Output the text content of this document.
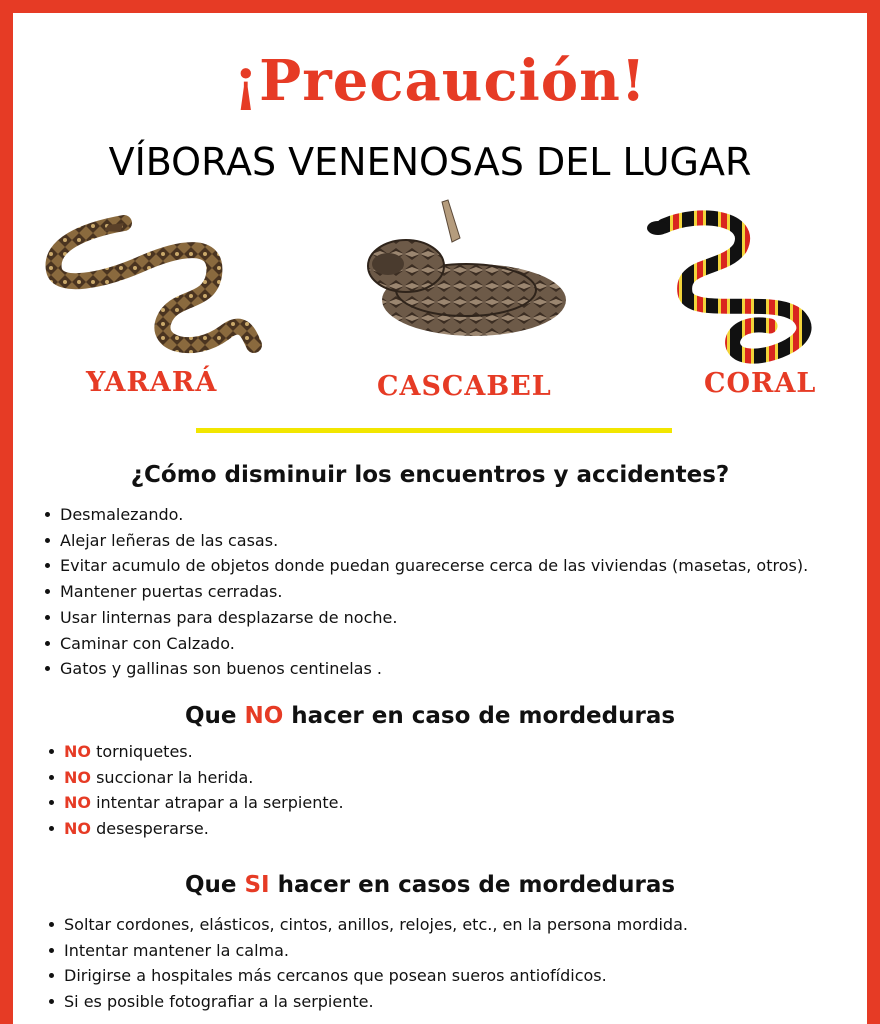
¡Precaución!
VÍBORAS VENENOSAS DEL LUGAR
YARARÁ	CASCABEL	CORAL
¿Cómo disminuir los encuentros y accidentes?
Desmalezando.
Alejar leñeras de las casas.
Evitar acumulo de objetos donde puedan guarecerse cerca de las viviendas (masetas, otros).
Mantener puertas cerradas.
Usar linternas para desplazarse de noche.
Caminar con Calzado.
Gatos y gallinas son buenos centinelas .
Que NO hacer en caso de mordeduras
NO torniquetes.
NO succionar la herida.
NO intentar atrapar a la serpiente.
NO desesperarse.
Que SI hacer en casos de mordeduras
Soltar cordones, elásticos, cintos, anillos, relojes, etc., en la persona mordida.
Intentar mantener la calma.
Dirigirse a hospitales más cercanos que posean sueros antiofídicos.
Si es posible fotografiar a la serpiente.
